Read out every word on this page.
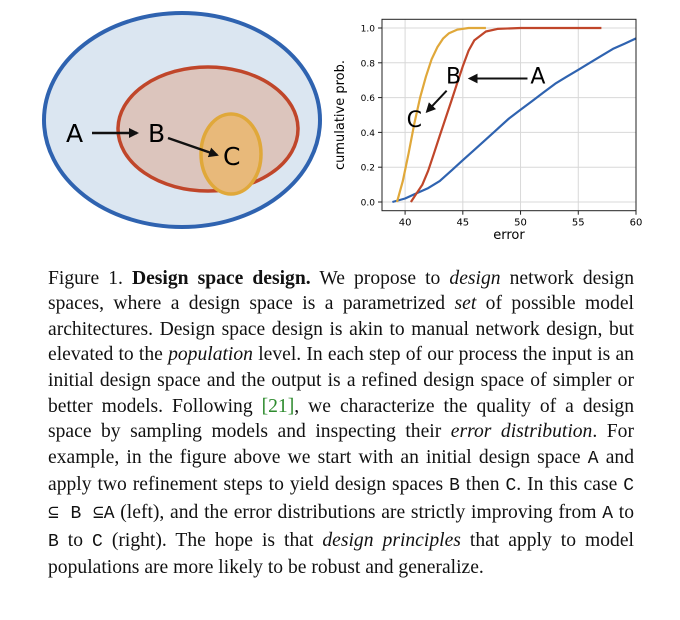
A	B
C
40	45	50	55	60
0.0
0.2
0.4
0.6
0.8
1.0
A
B
C
error
cumulative prob.

Figure 1. Design space design. We propose to design network design spaces, where a design space is a parametrized set of possible model architectures. Design space design is akin to manual network design, but elevated to the population level. In each step of our process the input is an initial design space and the output is a refined design space of simpler or better models. Following [21], we characterize the quality of a design space by sampling models and inspecting their error distribution. For example, in the figure above we start with an initial design space A and apply two refinement steps to yield design spaces B then C. In this case C ⊆ B ⊆A (left), and the error distributions are strictly improving from A to B to C (right). The hope is that design principles that apply to model populations are more likely to be robust and generalize.
